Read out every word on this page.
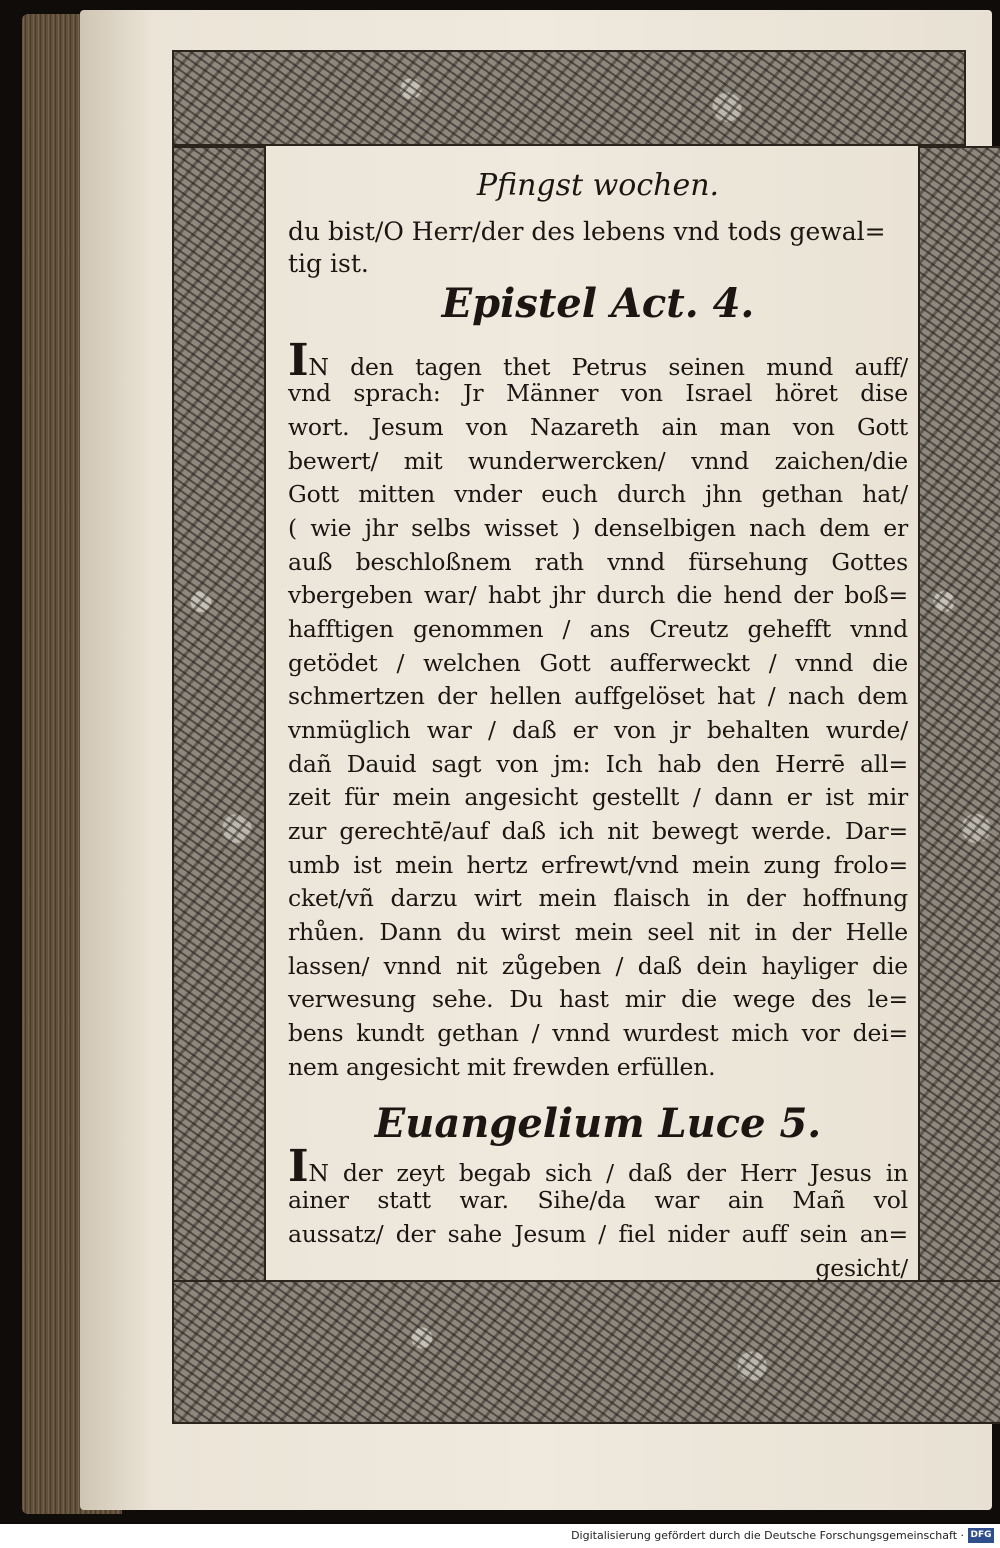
Pfingst wochen.
du bist/O Herr/der des lebens vnd tods gewal=
tig ist.
Epistel Act. 4.
IN den tagen thet Petrus seinen mund auff/
vnd sprach: Jr Männer von Israel höret dise
wort. Jesum von Nazareth ain man von Gott
bewert/ mit wunderwercken/ vnnd zaichen/die
Gott mitten vnder euch durch jhn gethan hat/
( wie jhr selbs wisset ) denselbigen nach dem er
auß beschloßnem rath vnnd fürsehung Gottes
vbergeben war/ habt jhr durch die hend der boß=
hafftigen genommen / ans Creutz gehefft vnnd
getödet / welchen Gott aufferweckt / vnnd die
schmertzen der hellen auffgelöset hat / nach dem
vnmüglich war / daß er von jr behalten wurde/
dañ Dauid sagt von jm: Ich hab den Herrē all=
zeit für mein angesicht gestellt / dann er ist mir
zur gerechtē/auf daß ich nit bewegt werde. Dar=
umb ist mein hertz erfrewt/vnd mein zung frolo=
cket/vñ darzu wirt mein flaisch in der hoffnung
rhůen. Dann du wirst mein seel nit in der Helle
lassen/ vnnd nit zůgeben / daß dein hayliger die
verwesung sehe. Du hast mir die wege des le=
bens kundt gethan / vnnd wurdest mich vor dei=
nem angesicht mit frewden erfüllen.
Euangelium Luce 5.
IN der zeyt begab sich / daß der Herr Jesus in
ainer statt war. Sihe/da war ain Mañ vol
aussatz/ der sahe Jesum / fiel nider auff sein an=
gesicht/
Digitalisierung gefördert durch die Deutsche Forschungsgemeinschaft · DFG
